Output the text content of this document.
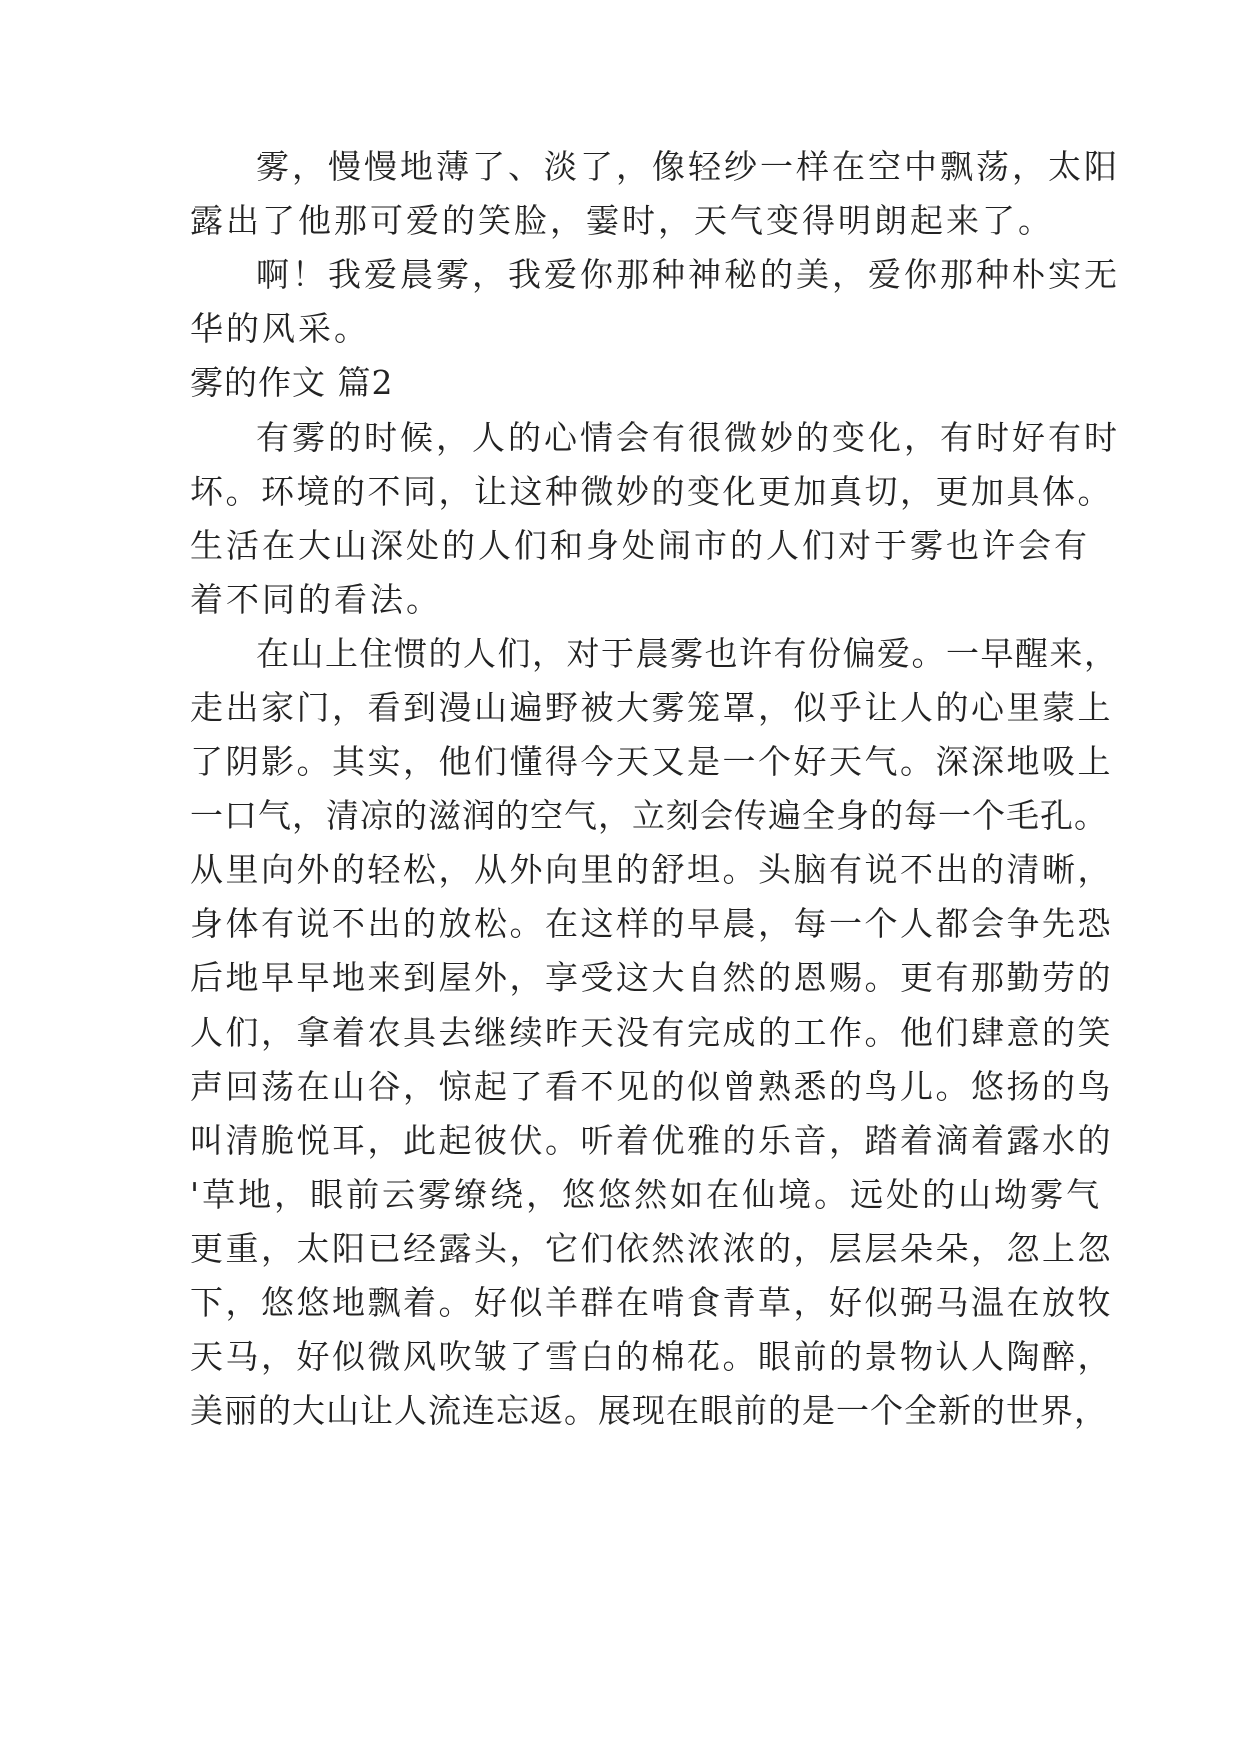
雾，慢慢地薄了、淡了，像轻纱一样在空中飘荡，太阳
露出了他那可爱的笑脸，霎时，天气变得明朗起来了。
啊！我爱晨雾，我爱你那种神秘的美，爱你那种朴实无
华的风采。
雾的作文 篇2
有雾的时候，人的心情会有很微妙的变化，有时好有时
坏。环境的不同，让这种微妙的变化更加真切，更加具体。
生活在大山深处的人们和身处闹市的人们对于雾也许会有
着不同的看法。
在山上住惯的人们，对于晨雾也许有份偏爱。一早醒来，
走出家门，看到漫山遍野被大雾笼罩，似乎让人的心里蒙上
了阴影。其实，他们懂得今天又是一个好天气。深深地吸上
一口气，清凉的滋润的空气，立刻会传遍全身的每一个毛孔。
从里向外的轻松，从外向里的舒坦。头脑有说不出的清晰，
身体有说不出的放松。在这样的早晨，每一个人都会争先恐
后地早早地来到屋外，享受这大自然的恩赐。更有那勤劳的
人们，拿着农具去继续昨天没有完成的工作。他们肆意的笑
声回荡在山谷，惊起了看不见的似曾熟悉的鸟儿。悠扬的鸟
叫清脆悦耳，此起彼伏。听着优雅的乐音，踏着滴着露水的
'草地，眼前云雾缭绕，悠悠然如在仙境。远处的山坳雾气
更重，太阳已经露头，它们依然浓浓的，层层朵朵，忽上忽
下，悠悠地飘着。好似羊群在啃食青草，好似弼马温在放牧
天马，好似微风吹皱了雪白的棉花。眼前的景物认人陶醉，
美丽的大山让人流连忘返。展现在眼前的是一个全新的世界，
